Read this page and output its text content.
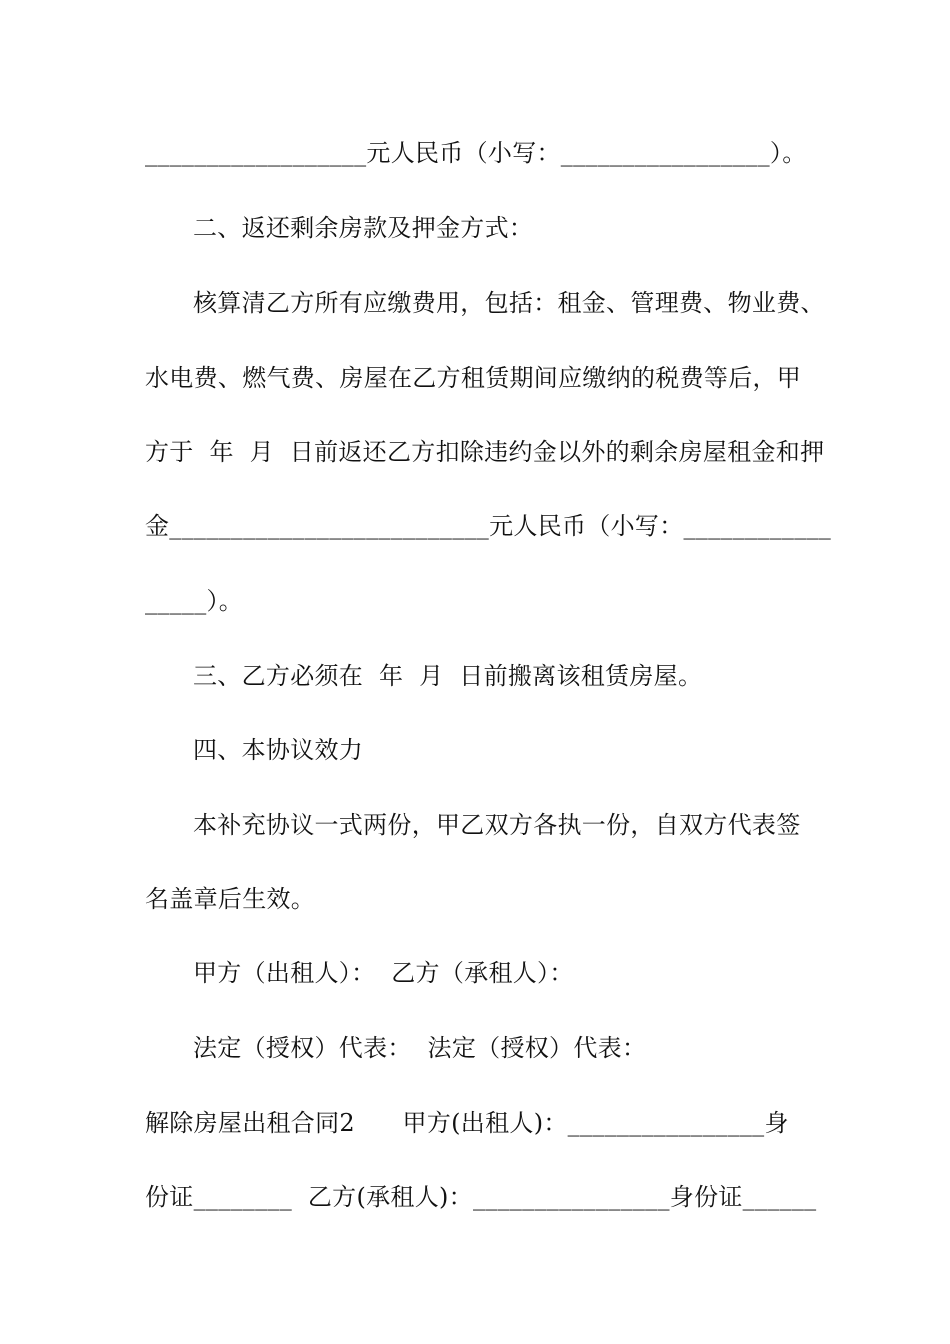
__________________元人民币（小写：_________________）。
二、返还剩余房款及押金方式：
核算清乙方所有应缴费用，包括：租金、管理费、物业费、
水电费、燃气费、房屋在乙方租赁期间应缴纳的税费等后，甲
方于  年  月  日前返还乙方扣除违约金以外的剩余房屋租金和押
金__________________________元人民币（小写：____________
_____）。
三、乙方必须在  年  月  日前搬离该租赁房屋。
四、本协议效力
本补充协议一式两份，甲乙双方各执一份，自双方代表签
名盖章后生效。
甲方（出租人）：  乙方（承租人）：
法定（授权）代表：  法定（授权）代表：
解除房屋出租合同2      甲方(出租人)：________________身
份证________  乙方(承租人)：________________身份证______
